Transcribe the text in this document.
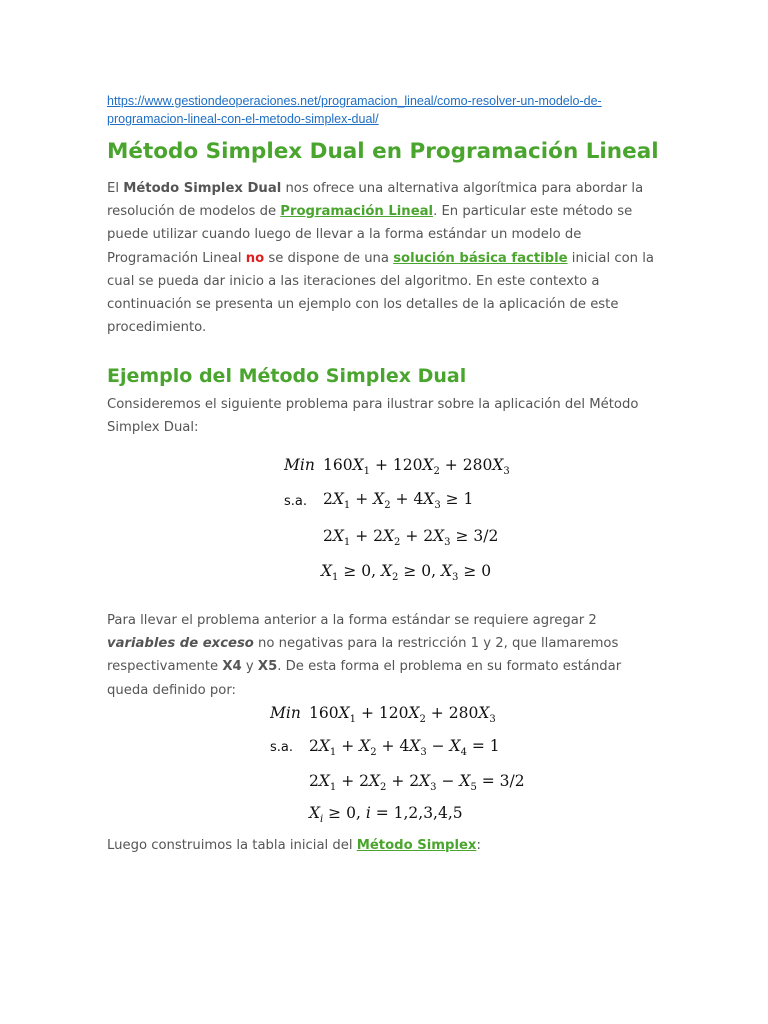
https://www.gestiondeoperaciones.net/programacion_lineal/como-resolver-un-modelo-de-
programacion-lineal-con-el-metodo-simplex-dual/
Método Simplex Dual en Programación Lineal

El Método Simplex Dual nos ofrece una alternativa algorítmica para abordar la resolución de modelos de Programación Lineal. En particular este método se puede utilizar cuando luego de llevar a la forma estándar un modelo de Programación Lineal no se dispone de una solución básica factible inicial con la cual se pueda dar inicio a las iteraciones del algoritmo. En este contexto a continuación se presenta un ejemplo con los detalles de la aplicación de este procedimiento.

Ejemplo del Método Simplex Dual

Consideremos el siguiente problema para ilustrar sobre la aplicación del Método Simplex Dual:

Min $160X_1 + 120X_2 + 280X_3$
s.a. $2X_1 + X_2 + 4X_3 \ge 1$
$2X_1 + 2X_2 + 2X_3 \ge 3/2$
$X_1 \ge 0$, $X_2 \ge 0$, $X_3 \ge 0$

Para llevar el problema anterior a la forma estándar se requiere agregar 2 variables de exceso no negativas para la restricción 1 y 2, que llamaremos respectivamente X4 y X5. De esta forma el problema en su formato estándar queda definido por:

Min $160X_1 + 120X_2 + 280X_3$
s.a. $2X_1 + X_2 + 4X_3 - X_4 = 1$
$2X_1 + 2X_2 + 2X_3 - X_5 = 3/2$
$X_i \ge 0$, i = 1,2,3,4,5

Luego construimos la tabla inicial del Método Simplex:
